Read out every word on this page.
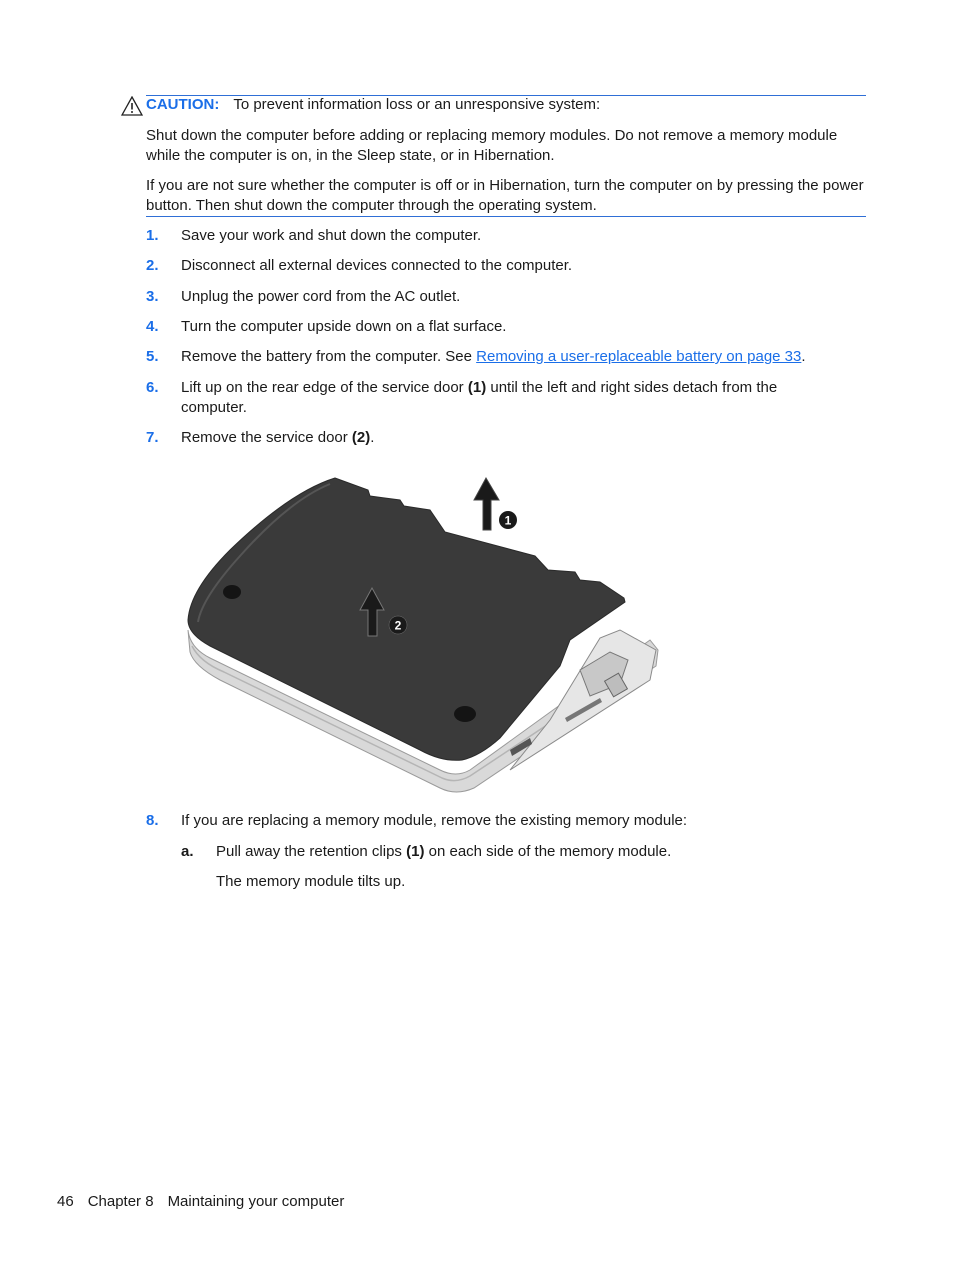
CAUTION: To prevent information loss or an unresponsive system:
Shut down the computer before adding or replacing memory modules. Do not remove a memory module while the computer is on, in the Sleep state, or in Hibernation.
If you are not sure whether the computer is off or in Hibernation, turn the computer on by pressing the power button. Then shut down the computer through the operating system.
1. Save your work and shut down the computer.
2. Disconnect all external devices connected to the computer.
3. Unplug the power cord from the AC outlet.
4. Turn the computer upside down on a flat surface.
5. Remove the battery from the computer. See Removing a user-replaceable battery on page 33.
6. Lift up on the rear edge of the service door (1) until the left and right sides detach from the computer.
7. Remove the service door (2).
1
2
8. If you are replacing a memory module, remove the existing memory module:
a. Pull away the retention clips (1) on each side of the memory module.
The memory module tilts up.
46 Chapter 8 Maintaining your computer
